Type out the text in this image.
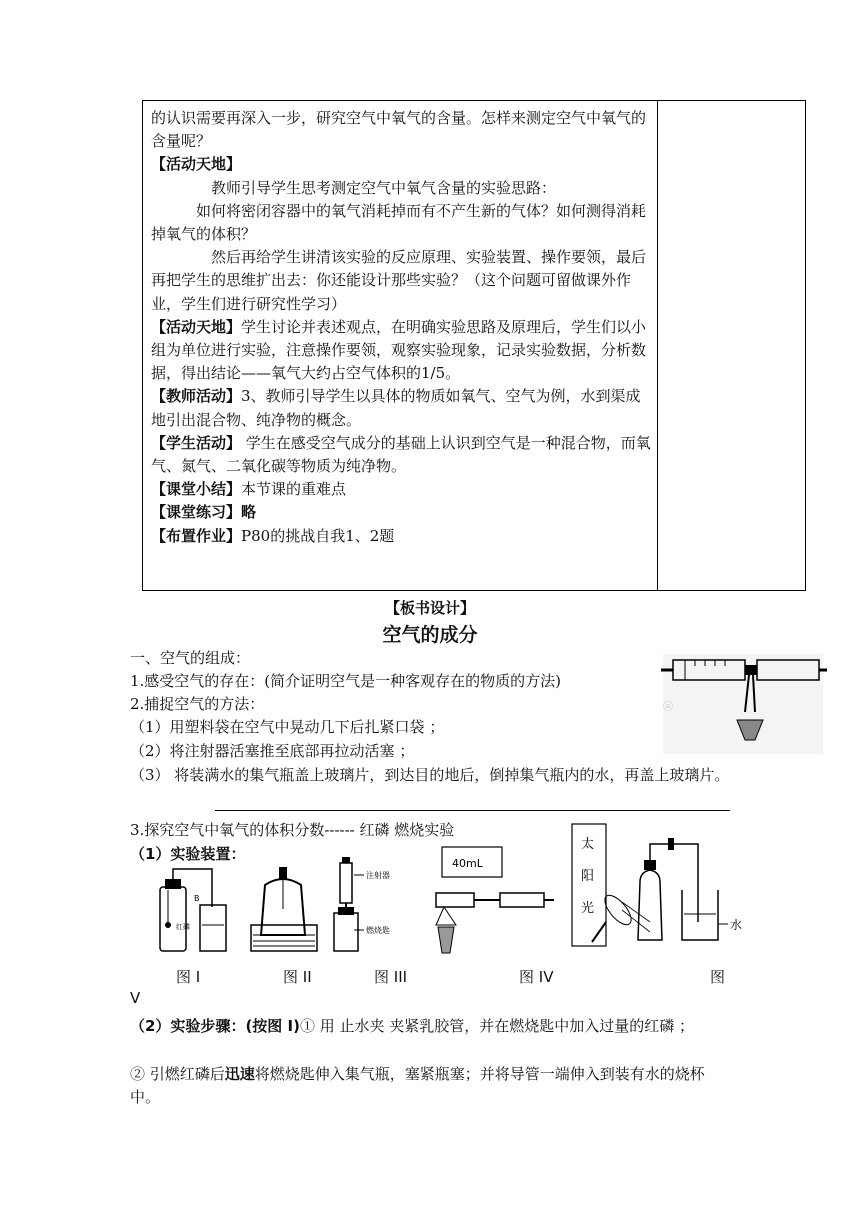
的认识需要再深入一步，研究空气中氧气的含量。怎样来测定空气中氧气的含量呢？

【活动天地】

教师引导学生思考测定空气中氧气含量的实验思路：

如何将密闭容器中的氧气消耗掉而有不产生新的气体？如何测得消耗掉氧气的体积？

然后再给学生讲清该实验的反应原理、实验装置、操作要领，最后再把学生的思维扩出去：你还能设计那些实验？（这个问题可留做课外作业，学生们进行研究性学习）

【活动天地】学生讨论并表述观点，在明确实验思路及原理后，学生们以小组为单位进行实验，注意操作要领，观察实验现象，记录实验数据，分析数据，得出结论——氧气大约占空气体积的1/5。

【教师活动】3、教师引导学生以具体的物质如氧气、空气为例，水到渠成地引出混合物、纯净物的概念。

【学生活动】 学生在感受空气成分的基础上认识到空气是一种混合物，而氧气、氮气、二氧化碳等物质为纯净物。

【课堂小结】本节课的重难点

【课堂练习】略

【布置作业】P80的挑战自我1、2题

【板书设计】
空气的成分
一、空气的组成：
1.感受空气的存在：(简介证明空气是一种客观存在的物质的方法)
2.捕捉空气的方法：
（1）用塑料袋在空气中晃动几下后扎紧口袋 ；
（2）将注射器活塞推至底部再拉动活塞 ；
（3） 将装满水的集气瓶盖上玻璃片，到达目的地后，倒掉集气瓶内的水，再盖上玻璃片。
3.探究空气中氧气的体积分数------ 红磷 燃烧实验
（1）实验装置：
ⓐ
B
红磷
注射器
燃烧匙
40mL
太
阳
光
水
图 I	图 II	图 III	图 IV	图
V
（2）实验步骤：(按图 I)① 用 止水夹 夹紧乳胶管，并在燃烧匙中加入过量的红磷 ；
② 引燃红磷后迅速将燃烧匙伸入集气瓶，塞紧瓶塞；并将导管一端伸入到装有水的烧杯中。
